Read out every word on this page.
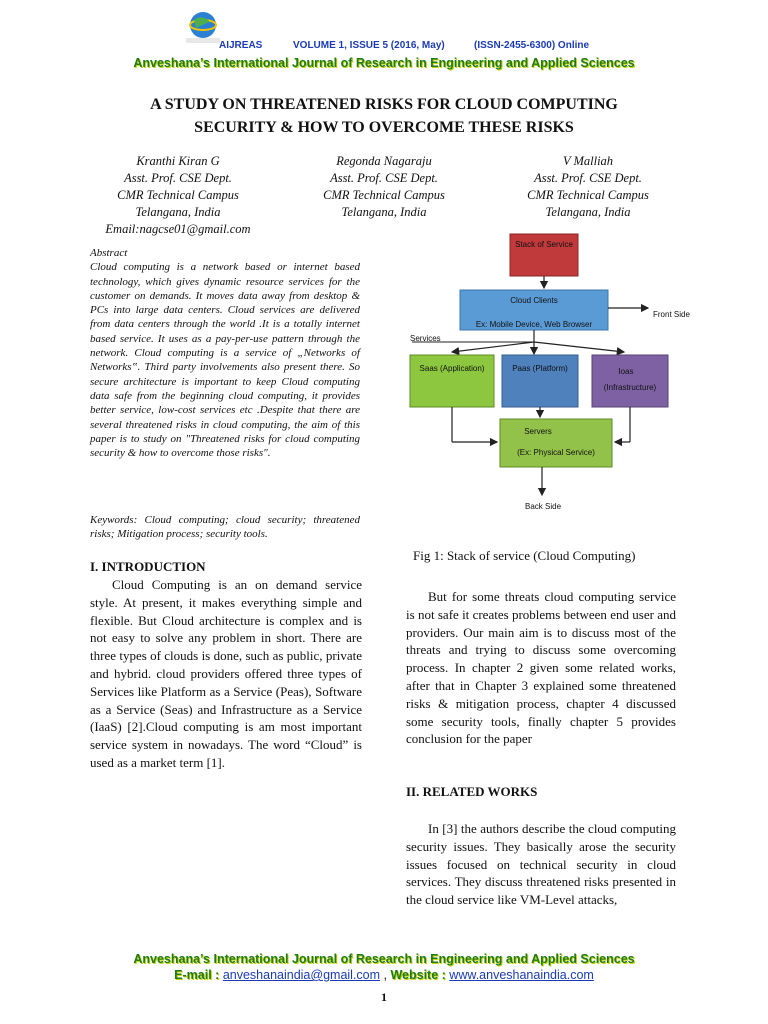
AIJREAS	VOLUME 1, ISSUE 5 (2016, May)	(ISSN-2455-6300) Online
Anveshana’s International Journal of Research in Engineering and Applied Sciences
A STUDY ON THREATENED RISKS FOR CLOUD COMPUTING
SECURITY & HOW TO OVERCOME THESE RISKS
Kranthi Kiran G
Asst. Prof. CSE Dept.
CMR Technical Campus
Telangana, India
Email:nagcse01@gmail.com
Regonda Nagaraju
Asst. Prof. CSE Dept.
CMR Technical Campus
Telangana, India
V Malliah
Asst. Prof. CSE Dept.
CMR Technical Campus
Telangana, India
Abstract
Cloud computing is a network based or internet based technology, which gives dynamic resource services for the customer on demands. It moves data away from desktop & PCs into large data centers. Cloud services are delivered from data centers through the world .It is a totally internet based service. It uses as a pay-per-use pattern through the network. Cloud computing is a service of „Networks of Networks‟. Third party involvements also present there. So secure architecture is important to keep Cloud computing data safe from the beginning cloud computing, it provides better service, low-cost services etc .Despite that there are several threatened risks in cloud computing, the aim of this paper is to study on "Threatened risks for cloud computing security & how to overcome those risks".
Keywords: Cloud computing; cloud security; threatened risks; Mitigation process; security tools.
I. INTRODUCTION

Cloud Computing is an on demand service style. At present, it makes everything simple and flexible. But Cloud architecture is complex and is not easy to solve any problem in short. There are three types of clouds is done, such as public, private and hybrid. cloud providers offered three types of Services like Platform as a Service (Peas), Software as a Service (Seas) and Infrastructure as a Service (IaaS) [2].Cloud computing is am most important service system in nowadays. The word “Cloud” is used as a market term [1].

Stack of Service
Cloud Clients
Ex: Mobile Device, Web Browser
Front Side
Services
Saas (Application)	Paas (Platform)	Ioas
(Infrastructure)
Servers
(Ex: Physical Service)
Back Side
Fig 1: Stack of service (Cloud Computing)

But for some threats cloud computing service is not safe it creates problems between end user and providers. Our main aim is to discuss most of the threats and trying to discuss some overcoming process. In chapter 2 given some related works, after that in Chapter 3 explained some threatened risks & mitigation process, chapter 4 discussed some security tools, finally chapter 5 provides conclusion for the paper

II. RELATED WORKS

In [3] the authors describe the cloud computing security issues. They basically arose the security issues focused on technical security in cloud services. They discuss threatened risks presented in the cloud service like VM-Level attacks,

Anveshana’s International Journal of Research in Engineering and Applied Sciences
E-mail : anveshanaindia@gmail.com , Website : www.anveshanaindia.com
1
